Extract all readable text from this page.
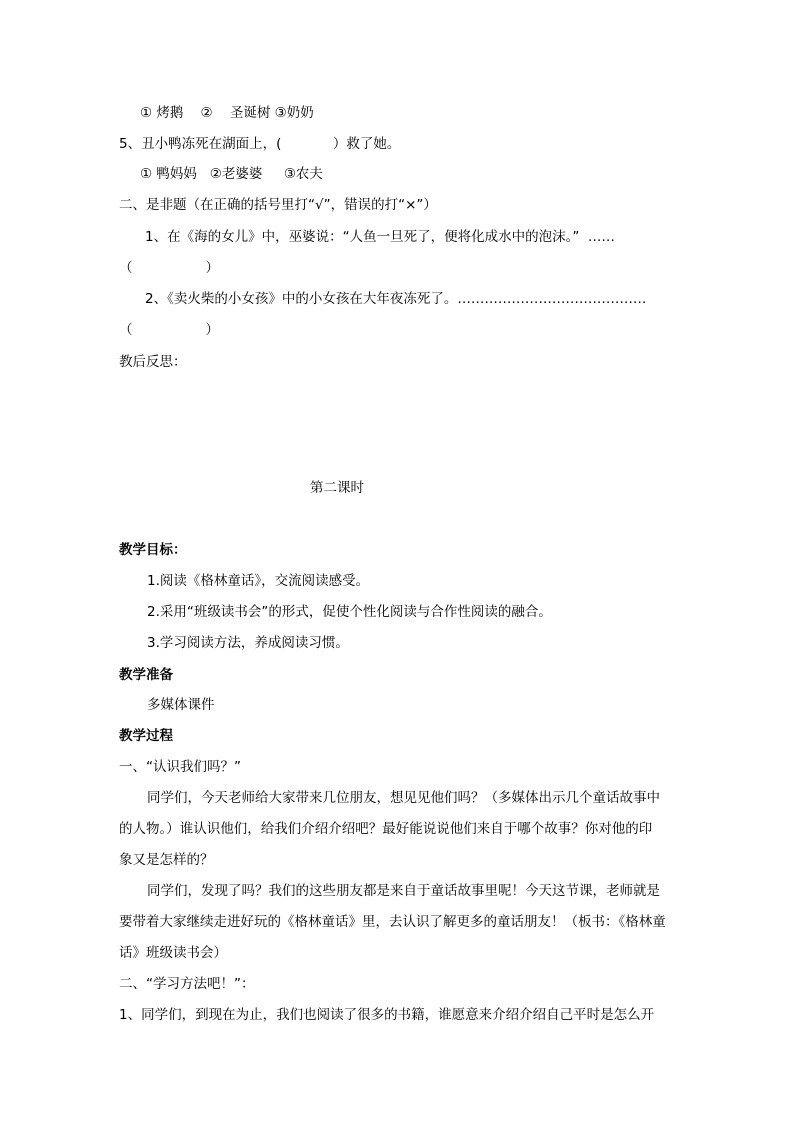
① 烤鹅    ②    圣诞树 ③奶奶
5、丑小鸭冻死在湖面上，(            ）救了她。
① 鸭妈妈   ②老婆婆     ③农夫
二、是非题（在正确的括号里打“√”，错误的打“×”）
1、在《海的女儿》中，巫婆说：“人鱼一旦死了，便将化成水中的泡沫。”  ……
（                 ）
2、《卖火柴的小女孩》中的小女孩在大年夜冻死了。……………………………………
（                 ）
教后反思：
第二课时
教学目标：
1.阅读《格林童话》，交流阅读感受。
2.采用“班级读书会”的形式，促使个性化阅读与合作性阅读的融合。
3.学习阅读方法，养成阅读习惯。
教学准备
多媒体课件
教学过程
一、“认识我们吗？”
同学们，今天老师给大家带来几位朋友，想见见他们吗？（多媒体出示几个童话故事中
的人物。）谁认识他们，给我们介绍介绍吧？最好能说说他们来自于哪个故事？你对他的印
象又是怎样的？
同学们，发现了吗？我们的这些朋友都是来自于童话故事里呢！今天这节课，老师就是
要带着大家继续走进好玩的《格林童话》里，去认识了解更多的童话朋友！（板书：《格林童
话》班级读书会）
二、“学习方法吧！”：
1、同学们，到现在为止，我们也阅读了很多的书籍，谁愿意来介绍介绍自己平时是怎么开
